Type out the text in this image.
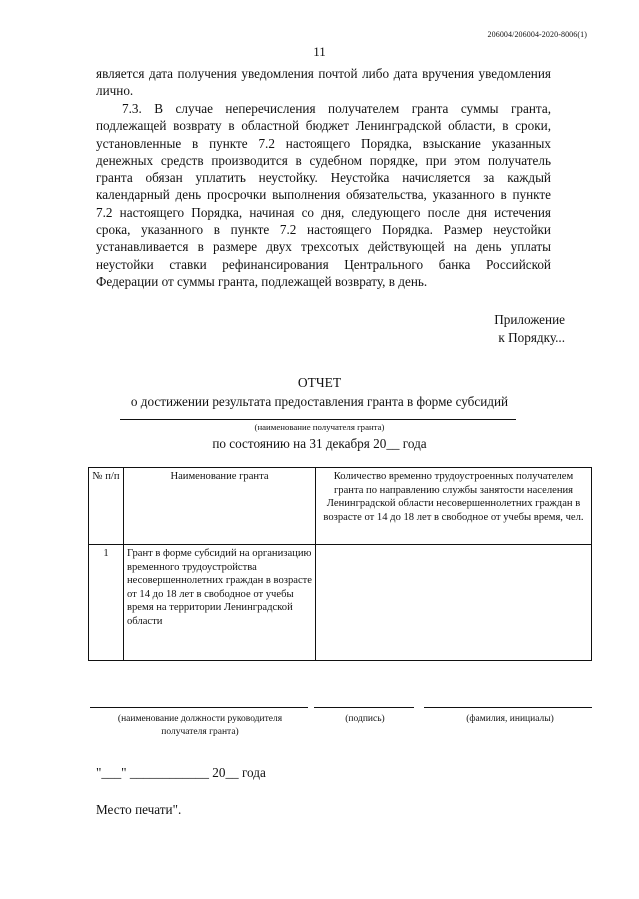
206004/206004-2020-8006(1)
11
является дата получения уведомления почтой либо дата вручения уведомления лично.
7.3. В случае неперечисления получателем гранта суммы гранта, подлежащей возврату в областной бюджет Ленинградской области, в сроки, установленные в пункте 7.2 настоящего Порядка, взыскание указанных денежных средств производится в судебном порядке, при этом получатель гранта обязан уплатить неустойку. Неустойка начисляется за каждый календарный день просрочки выполнения обязательства, указанного в пункте 7.2 настоящего Порядка, начиная со дня, следующего после дня истечения срока, указанного в пункте 7.2 настоящего Порядка. Размер неустойки устанавливается в размере двух трехсотых действующей на день уплаты неустойки ставки рефинансирования Центрального банка Российской Федерации от суммы гранта, подлежащей возврату, в день.
Приложение
к Порядку...
ОТЧЕТ
о достижении результата предоставления гранта в форме субсидий
(наименование получателя гранта)
по состоянию на 31 декабря 20__ года
№ п/п	Наименование гранта	Количество временно трудоустроенных получателем гранта по направлению службы занятости населения Ленинградской области несовершеннолетних граждан в возрасте от 14 до 18 лет в свободное от учебы время, чел.
1	Грант в форме субсидий на организацию временного трудоустройства несовершеннолетних граждан в возрасте от 14 до 18 лет в свободное от учебы время на территории Ленинградской области	
(наименование должности руководителя получателя гранта)
(подпись)	(фамилия, инициалы)
"___" ____________ 20__ года
Место печати".
